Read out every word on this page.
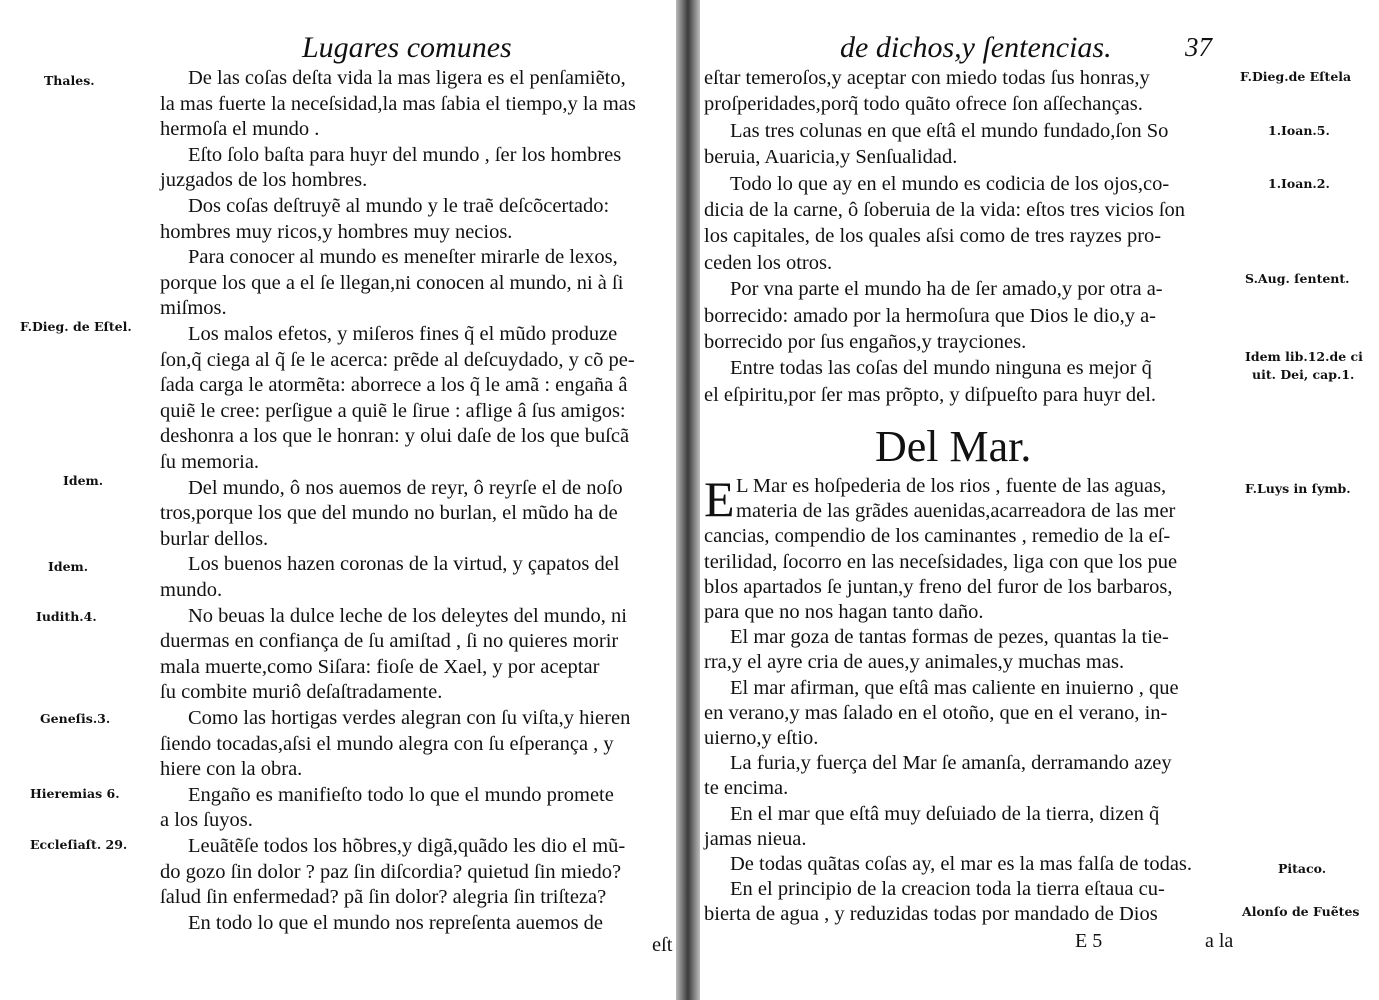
Lugares comunes
De las coſas deſta vida la mas ligera es el penſamiẽto,
la mas fuerte la neceſsidad,la mas ſabia el tiempo,y la mas
hermoſa el mundo .
Eſto ſolo baſta para huyr del mundo , ſer los hombres
juzgados de los hombres.
Dos coſas deſtruyẽ al mundo y le traẽ deſcõcertado:
hombres muy ricos,y hombres muy necios.
Para conocer al mundo es meneſter mirarle de lexos,
porque los que a el ſe llegan,ni conocen al mundo, ni à ſi
miſmos.
Los malos efetos, y miſeros fines q̃ el mũdo produze
ſon,q̃ ciega al q̃ ſe le acerca: prẽde al deſcuydado, y cõ pe-
ſada carga le atormẽta: aborrece a los q̃ le amã : engaña â
quiẽ le cree: perſigue a quiẽ le ſirue : aflige â ſus amigos:
deshonra a los que le honran: y olui daſe de los que buſcã
ſu memoria.
Del mundo, ô nos auemos de reyr, ô reyrſe el de noſo
tros,porque los que del mundo no burlan, el mũdo ha de
burlar dellos.
Los buenos hazen coronas de la virtud, y çapatos del
mundo.
No beuas la dulce leche de los deleytes del mundo, ni
duermas en confiança de ſu amiſtad , ſi no quieres morir
mala muerte,como Siſara: fioſe de Xael, y por aceptar
ſu combite muriô deſaſtradamente.
Como las hortigas verdes alegran con ſu viſta,y hieren
ſiendo tocadas,aſsi el mundo alegra con ſu eſperança , y
hiere con la obra.
Engaño es manifieſto todo lo que el mundo promete
a los ſuyos.
Leuãtẽſe todos los hõbres,y digã,quãdo les dio el mũ-
do gozo ſin dolor ? paz ſin diſcordia? quietud ſin miedo?
ſalud ſin enfermedad? pã ſin dolor? alegria ſin triſteza?
En todo lo que el mundo nos repreſenta auemos de
Thales.
F.Dieg. de Eſtel.
Idem.
Idem.
Iudith.4.
Geneſis.3.
Hieremias 6.
Eccleſiaſt. 29.
eſt
de dichos,y ſentencias.	37
eſtar temeroſos,y aceptar con miedo todas ſus honras,y
proſperidades,porq̃ todo quãto ofrece ſon aſſechanças.
Las tres colunas en que eſtâ el mundo fundado,ſon So
beruia, Auaricia,y Senſualidad.
Todo lo que ay en el mundo es codicia de los ojos,co-
dicia de la carne, ô ſoberuia de la vida: eſtos tres vicios ſon
los capitales, de los quales aſsi como de tres rayzes pro-
ceden los otros.
Por vna parte el mundo ha de ſer amado,y por otra a-
borrecido: amado por la hermoſura que Dios le dio,y a-
borrecido por ſus engaños,y trayciones.
Entre todas las coſas del mundo ninguna es mejor q̃
el eſpiritu,por ſer mas prõpto, y diſpueſto para huyr del.
Del Mar.
E L Mar es hoſpederia de los rios , fuente de las aguas,
materia de las grãdes auenidas,acarreadora de las mer
cancias, compendio de los caminantes , remedio de la eſ-
terilidad, ſocorro en las neceſsidades, liga con que los pue
blos apartados ſe juntan,y freno del furor de los barbaros,
para que no nos hagan tanto daño.
El mar goza de tantas formas de pezes, quantas la tie-
rra,y el ayre cria de aues,y animales,y muchas mas.
El mar afirman, que eſtâ mas caliente en inuierno , que
en verano,y mas ſalado en el otoño, que en el verano, in-
uierno,y eſtio.
La furia,y fuerça del Mar ſe amanſa, derramando azey
te encima.
En el mar que eſtâ muy deſuiado de la tierra, dizen q̃
jamas nieua.
De todas quãtas coſas ay, el mar es la mas falſa de todas.
En el principio de la creacion toda la tierra eſtaua cu-
bierta de agua , y reduzidas todas por mandado de Dios
F.Dieg.de Eſtela
1.Ioan.5.
1.Ioan.2.
S.Aug. ſentent.
Idem lib.12.de ci
uit. Dei, cap.1.
F.Luys in ſymb.
Pitaco.
Alonſo de Fuẽtes
E 5	a la
